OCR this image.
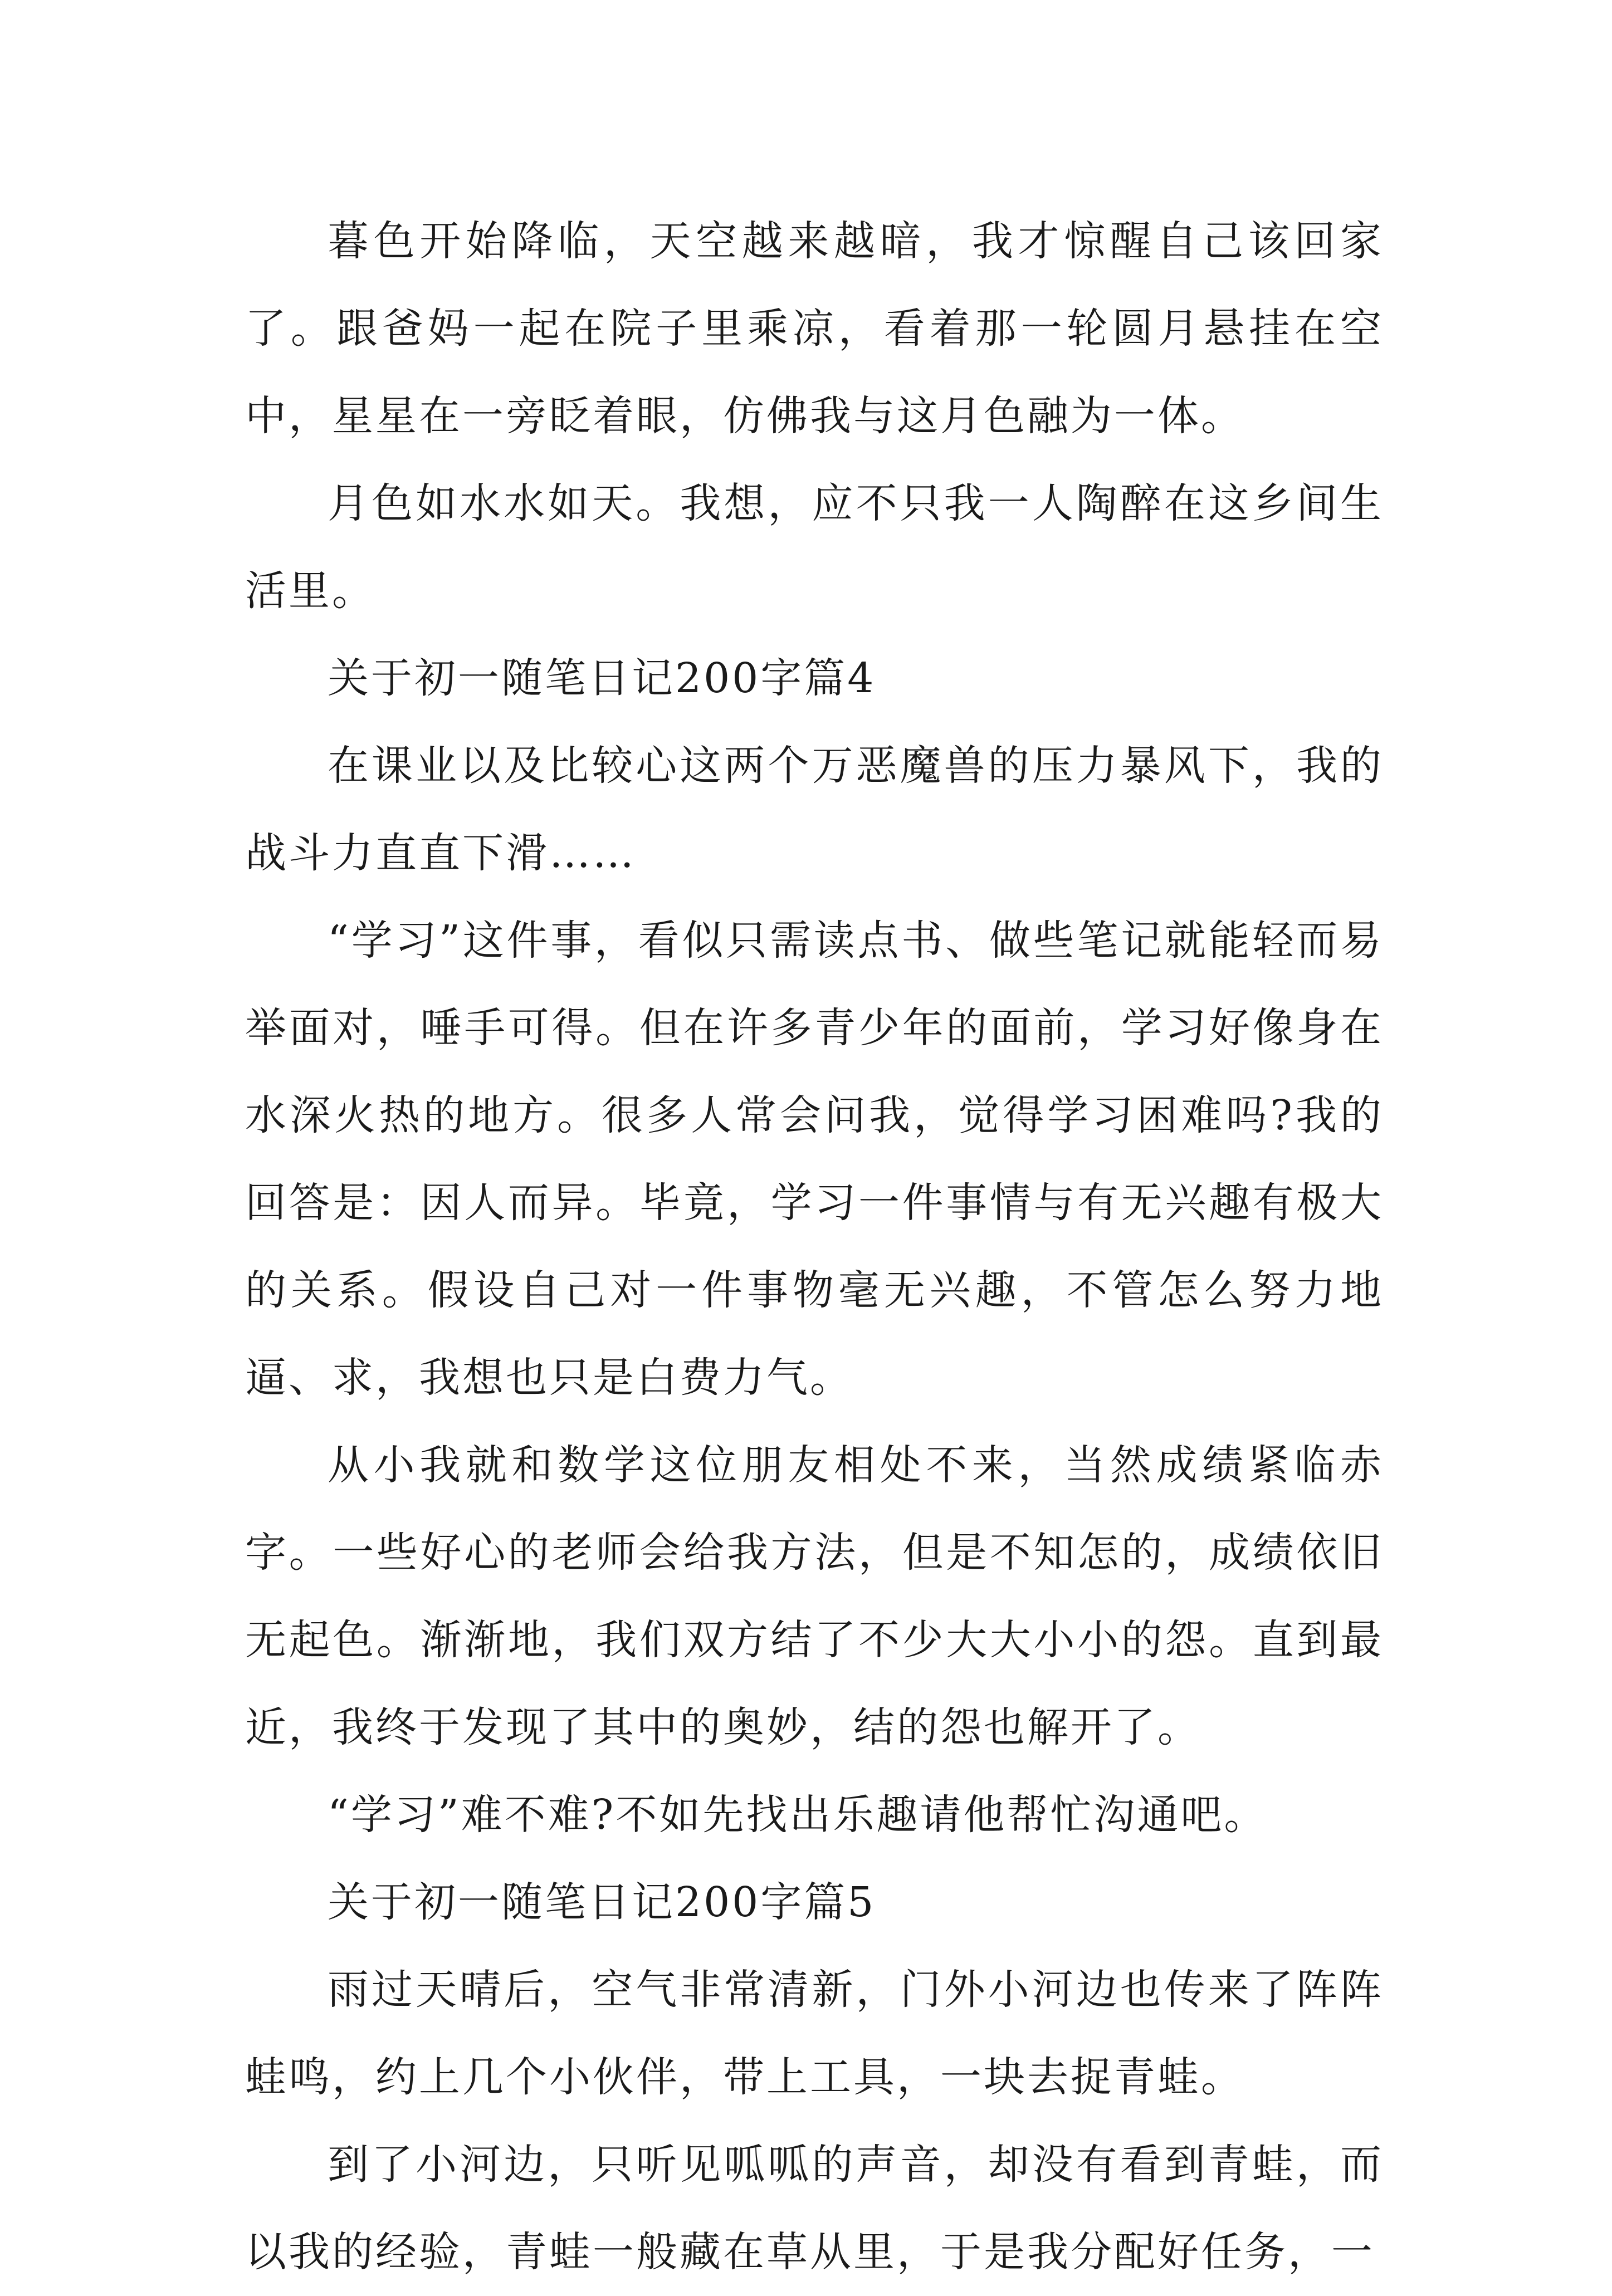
暮色开始降临，天空越来越暗，我才惊醒自己该回家了。跟爸妈一起在院子里乘凉，看着那一轮圆月悬挂在空中，星星在一旁眨着眼，仿佛我与这月色融为一体。

月色如水水如天。我想，应不只我一人陶醉在这乡间生活里。

关于初一随笔日记200字篇4

在课业以及比较心这两个万恶魔兽的压力暴风下，我的战斗力直直下滑……

“学习”这件事，看似只需读点书、做些笔记就能轻而易举面对，唾手可得。但在许多青少年的面前，学习好像身在水深火热的地方。很多人常会问我，觉得学习困难吗?我的回答是：因人而异。毕竟，学习一件事情与有无兴趣有极大的关系。假设自己对一件事物毫无兴趣，不管怎么努力地逼、求，我想也只是白费力气。

从小我就和数学这位朋友相处不来，当然成绩紧临赤字。一些好心的老师会给我方法，但是不知怎的，成绩依旧无起色。渐渐地，我们双方结了不少大大小小的怨。直到最近，我终于发现了其中的奥妙，结的怨也解开了。

“学习”难不难?不如先找出乐趣请他帮忙沟通吧。

关于初一随笔日记200字篇5

雨过天晴后，空气非常清新，门外小河边也传来了阵阵蛙鸣，约上几个小伙伴，带上工具，一块去捉青蛙。

到了小河边，只听见呱呱的声音，却没有看到青蛙，而以我的经验，青蛙一般藏在草从里，于是我分配好任务，一
